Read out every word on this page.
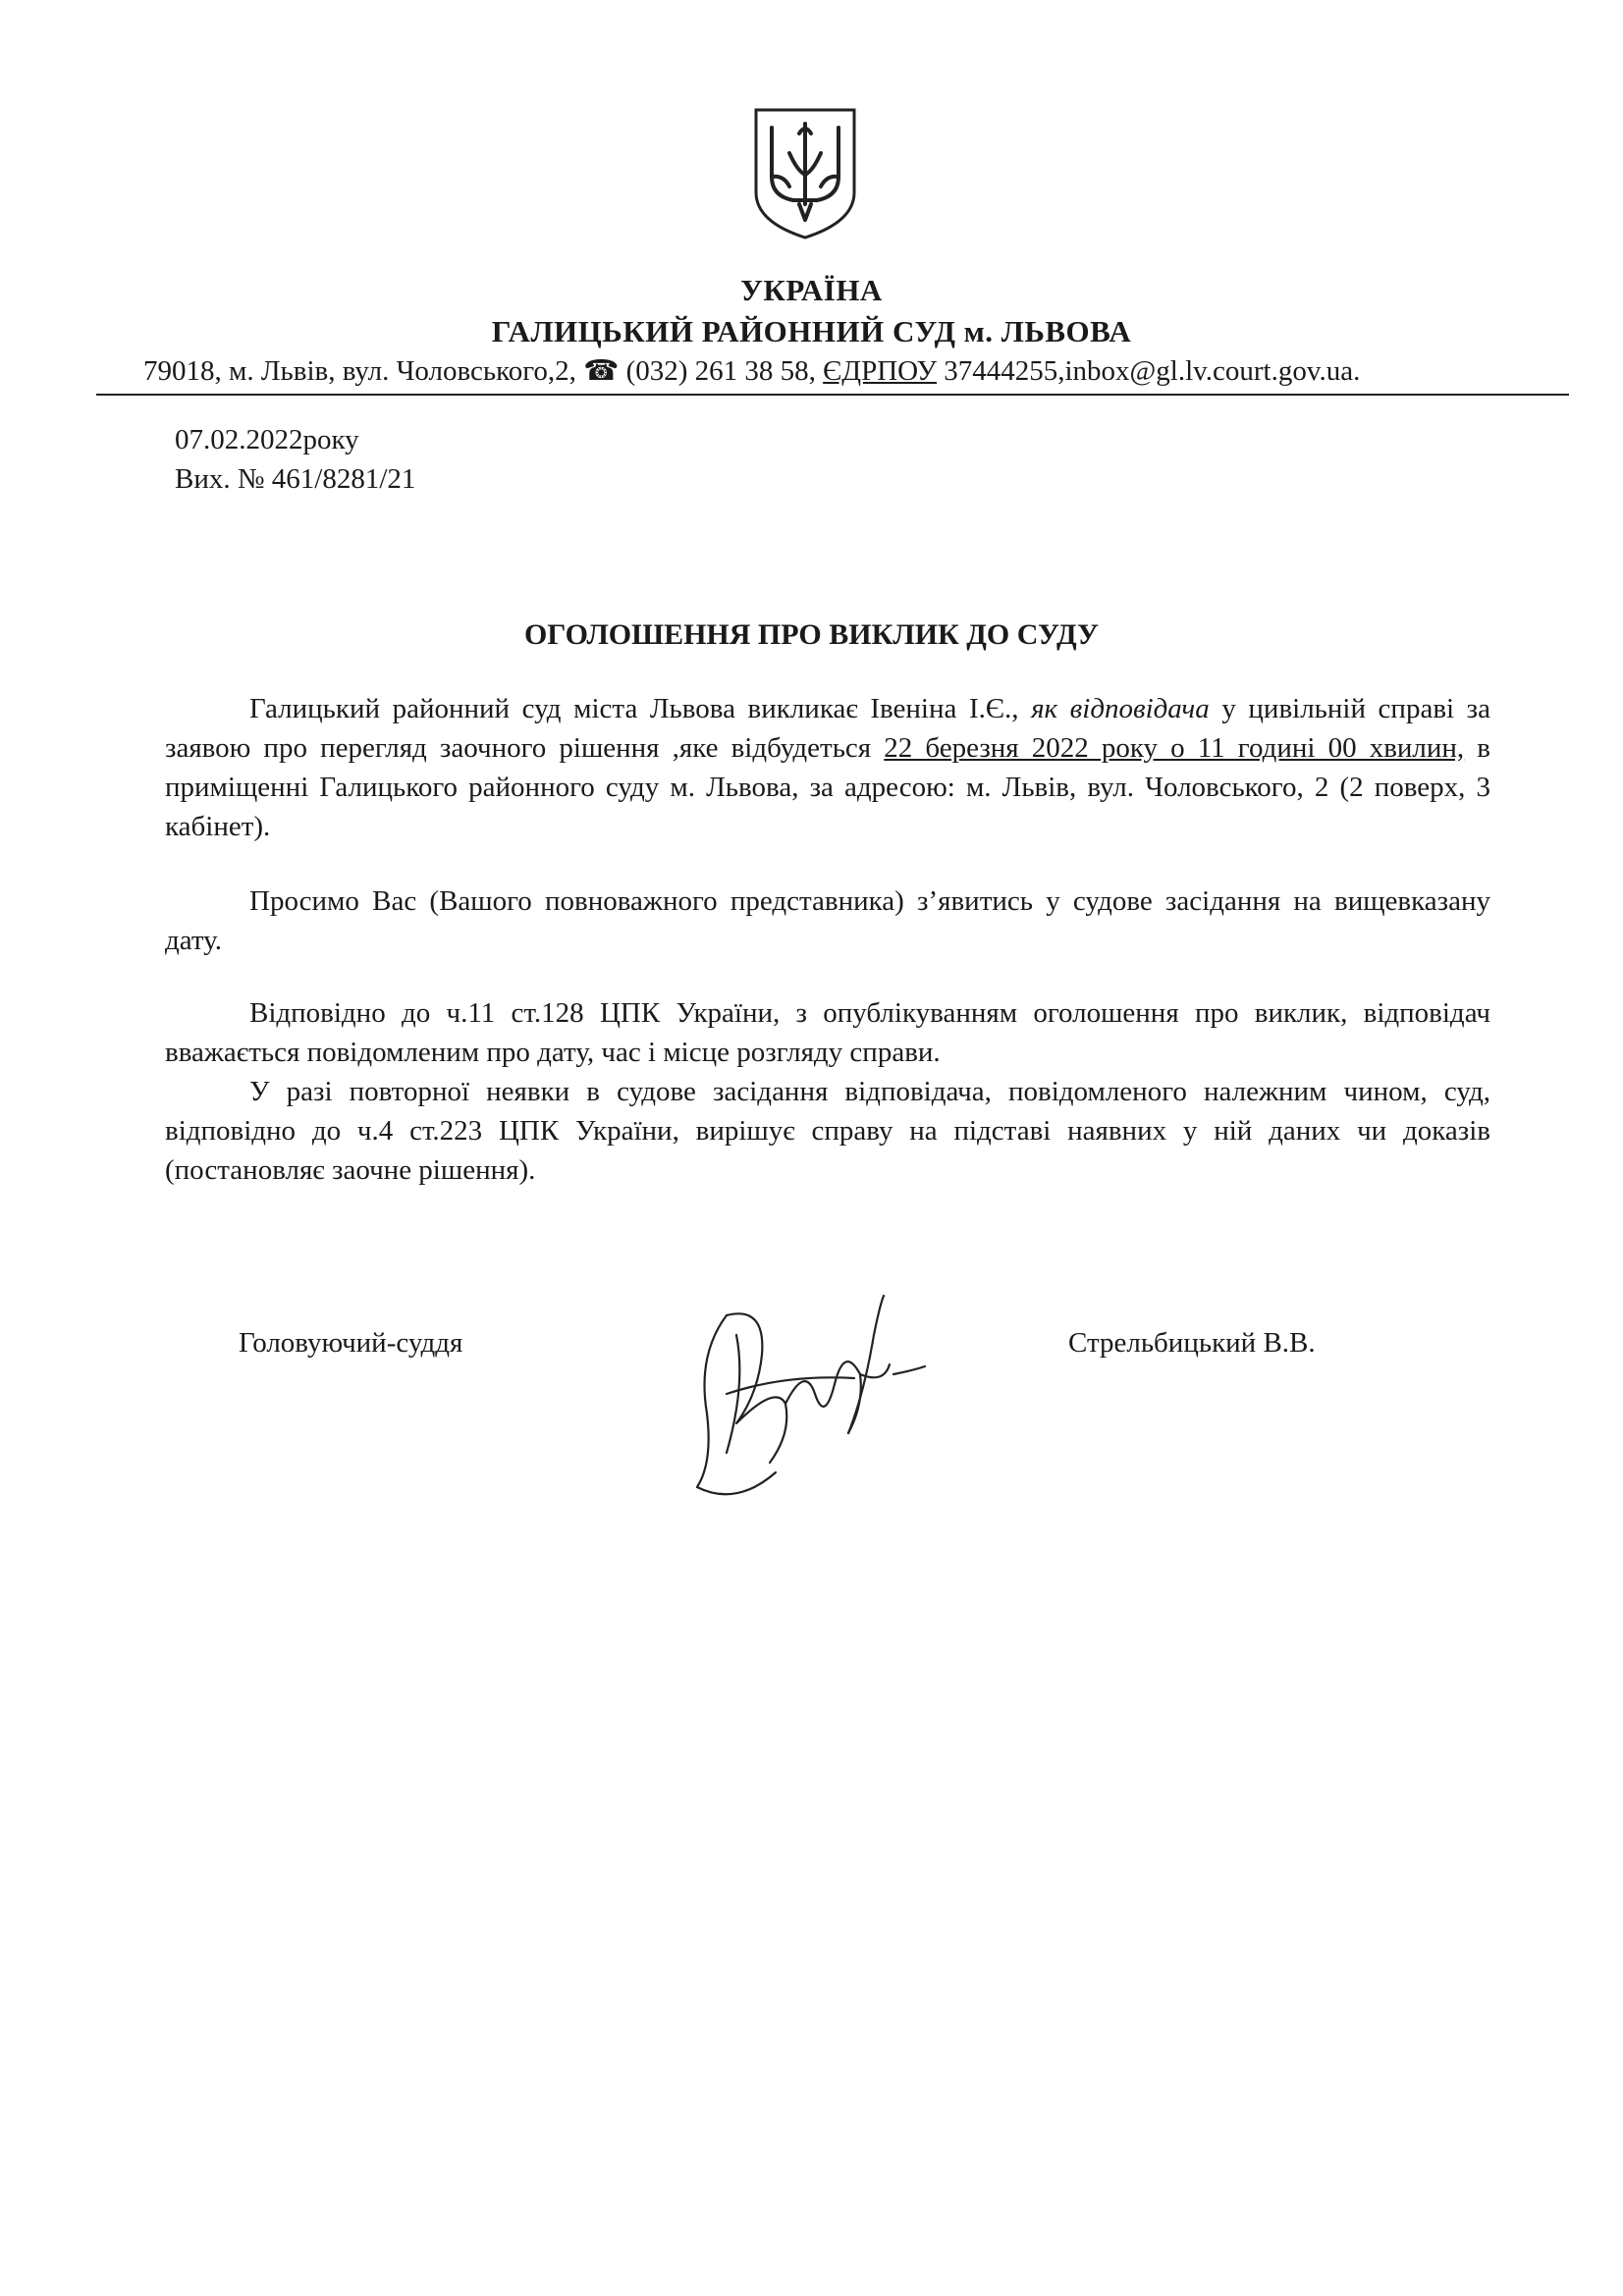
УКРАЇНА
ГАЛИЦЬКИЙ РАЙОННИЙ СУД м. ЛЬВОВА
79018, м. Львів, вул. Чоловського,2, ☎ (032) 261 38 58, ЄДРПОУ 37444255,inbox@gl.lv.court.gov.ua.
07.02.2022року
Вих. № 461/8281/21
ОГОЛОШЕННЯ ПРО ВИКЛИК ДО СУДУ
Галицький районний суд міста Львова викликає Івеніна І.Є., як відповідача у цивільній справі за заявою про перегляд заочного рішення ,яке відбудеться 22 березня 2022 року о 11 годині 00 хвилин, в приміщенні Галицького районного суду м. Львова, за адресою: м. Львів, вул. Чоловського, 2 (2 поверх, 3 кабінет).
Просимо Вас (Вашого повноважного представника) з’явитись у судове засідання на вищевказану дату.
Відповідно до ч.11 ст.128 ЦПК України, з опублікуванням оголошення про виклик, відповідач вважається повідомленим про дату, час і місце розгляду справи.
У разі повторної неявки в судове засідання відповідача, повідомленого належним чином, суд, відповідно до ч.4 ст.223 ЦПК України, вирішує справу на підставі наявних у ній даних чи доказів (постановляє заочне рішення).
Головуючий-суддя	Стрельбицький В.В.
